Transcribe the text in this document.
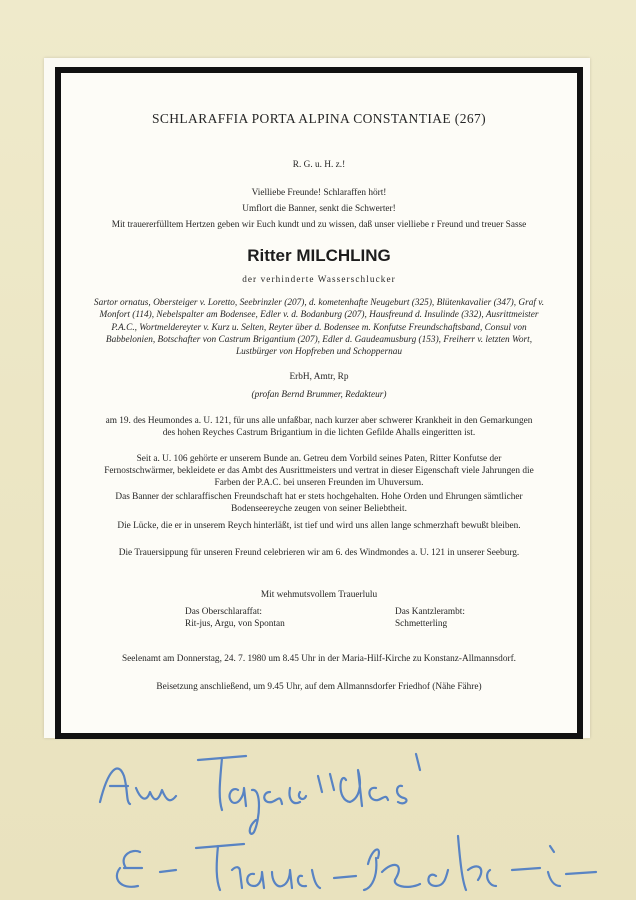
SCHLARAFFIA PORTA ALPINA CONSTANTIAE (267)
R. G. u. H. z.!
Vielliebe Freunde! Schlaraffen hört!
Umflort die Banner, senkt die Schwerter!
Mit trauererfülltem Hertzen geben wir Euch kundt und zu wissen, daß unser vielliebe r Freund und treuer Sasse
Ritter MILCHLING
der verhinderte Wasserschlucker
Sartor ornatus, Obersteiger v. Loretto, Seebrinzler (207), d. kometenhafte Neugeburt (325), Blütenkavalier (347), Graf v. Monfort (114), Nebelspalter am Bodensee, Edler v. d. Bodanburg (207), Hausfreund d. Insulinde (332), Ausrittmeister P.A.C., Wortmeldereyter v. Kurz u. Selten, Reyter über d. Bodensee m. Konfutse Freundschaftsband, Consul von Babbelonien, Botschafter von Castrum Brigantium (207), Edler d. Gaudeamusburg (153), Freiherr v. letzten Wort, Lustbürger von Hopfreben und Schoppernau
ErbH, Amtr, Rp
(profan Bernd Brummer, Redakteur)
am 19. des Heumondes a. U. 121, für uns alle unfaßbar, nach kurzer aber schwerer Krankheit in den Gemarkungen des hohen Reyches Castrum Brigantium in die lichten Gefilde Ahalls eingeritten ist.
Seit a. U. 106 gehörte er unserem Bunde an. Getreu dem Vorbild seines Paten, Ritter Konfutse der Fernostschwärmer, bekleidete er das Ambt des Ausrittmeisters und vertrat in dieser Eigenschaft viele Jahrungen die Farben der P.A.C. bei unseren Freunden im Uhuversum.
Das Banner der schlaraffischen Freundschaft hat er stets hochgehalten. Hohe Orden und Ehrungen sämtlicher Bodenseereyche zeugen von seiner Beliebtheit.
Die Lücke, die er in unserem Reych hinterläßt, ist tief und wird uns allen lange schmerzhaft bewußt bleiben.
Die Trauersippung für unseren Freund celebrieren wir am 6. des Windmondes a. U. 121 in unserer Seeburg.
Mit wehmutsvollem Trauerlulu
Das Oberschlaraffat:
Rit-jus, Argu, von Spontan
Das Kantzlerambt:
Schmetterling
Seelenamt am Donnerstag, 24. 7. 1980 um 8.45 Uhr in der Maria-Hilf-Kirche zu Konstanz-Allmannsdorf.
Beisetzung anschließend, um 9.45 Uhr, auf dem Allmannsdorfer Friedhof (Nähe Fähre)
